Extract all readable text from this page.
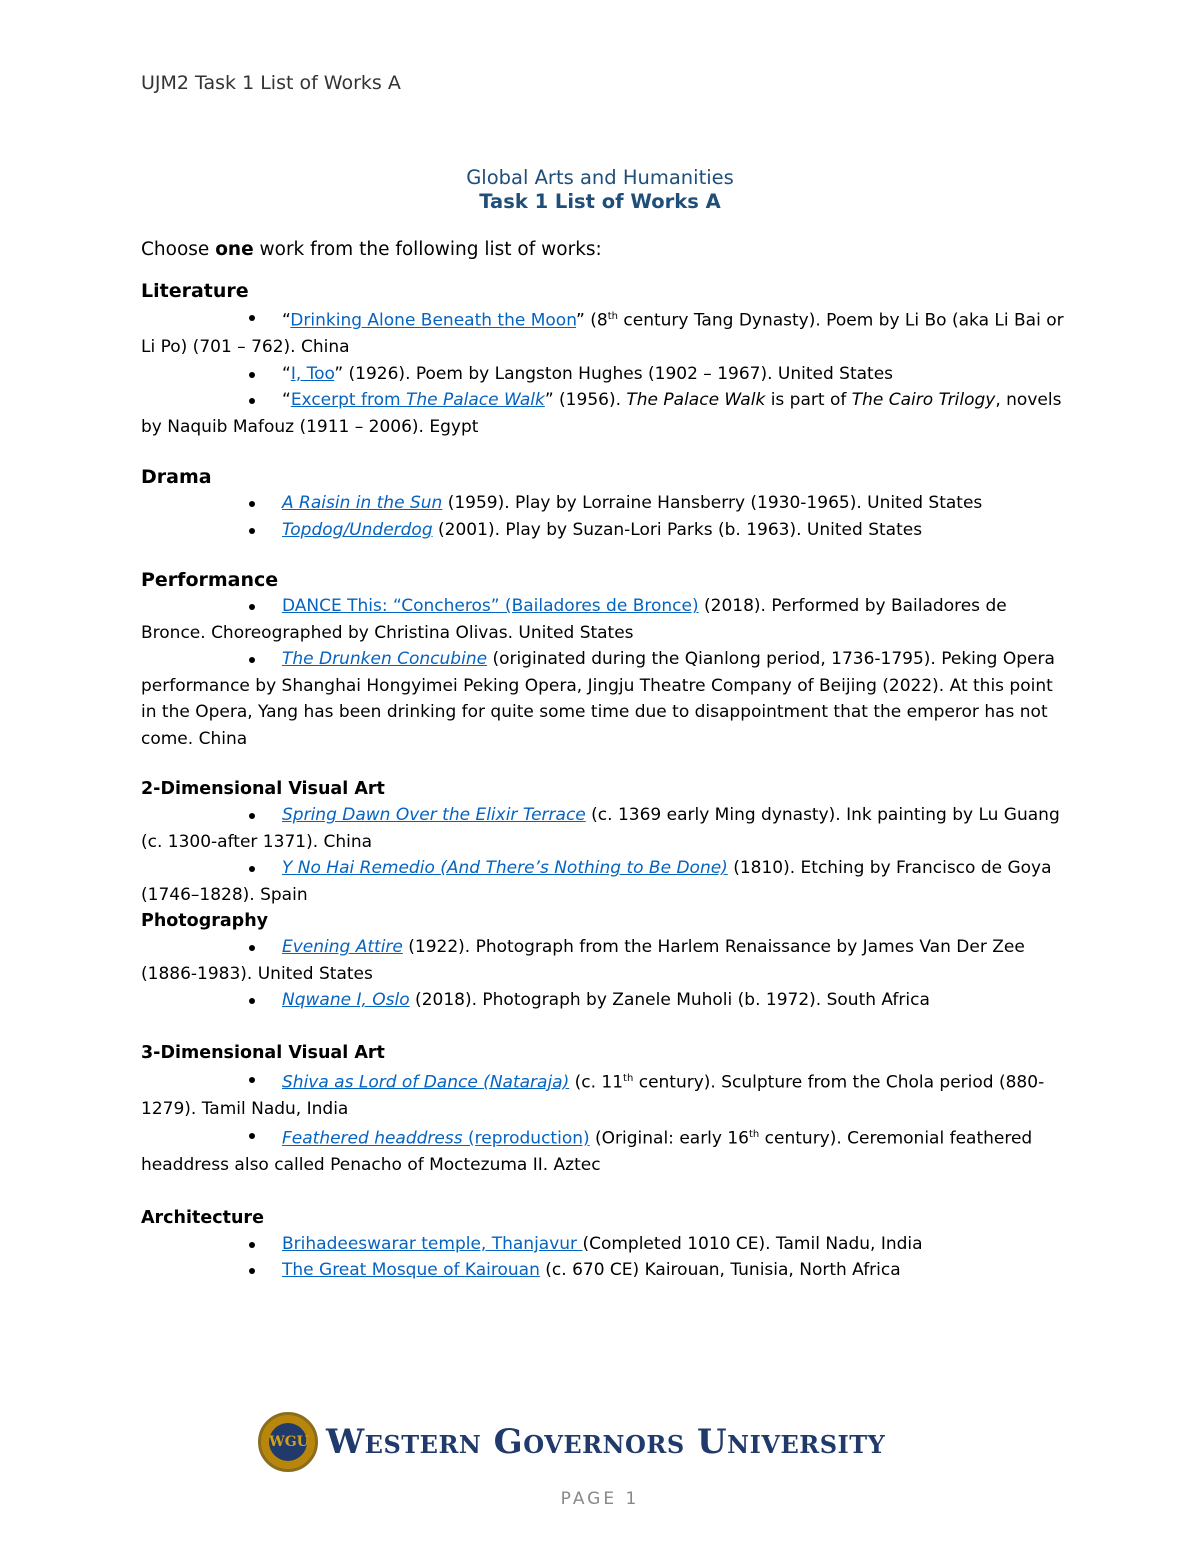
UJM2 Task 1 List of Works A
Global Arts and Humanities
Task 1 List of Works A
Choose one work from the following list of works:
Literature
“Drinking Alone Beneath the Moon” (8th century Tang Dynasty). Poem by Li Bo (aka Li Bai or Li Po) (701 – 762). China
“I, Too” (1926). Poem by Langston Hughes (1902 – 1967). United States
“Excerpt from The Palace Walk” (1956). The Palace Walk is part of The Cairo Trilogy, novels by Naquib Mafouz (1911 – 2006). Egypt
Drama
A Raisin in the Sun (1959). Play by Lorraine Hansberry (1930-1965). United States
Topdog/Underdog (2001). Play by Suzan-Lori Parks (b. 1963). United States
Performance
DANCE This: “Concheros” (Bailadores de Bronce) (2018). Performed by Bailadores de Bronce. Choreographed by Christina Olivas. United States
The Drunken Concubine (originated during the Qianlong period, 1736-1795). Peking Opera performance by Shanghai Hongyimei Peking Opera, Jingju Theatre Company of Beijing (2022). At this point in the Opera, Yang has been drinking for quite some time due to disappointment that the emperor has not come. China
2-Dimensional Visual Art
Spring Dawn Over the Elixir Terrace (c. 1369 early Ming dynasty). Ink painting by Lu Guang (c. 1300-after 1371). China
Y No Hai Remedio (And There’s Nothing to Be Done) (1810). Etching by Francisco de Goya (1746–1828). Spain
Photography
Evening Attire (1922). Photograph from the Harlem Renaissance by James Van Der Zee (1886-1983). United States
Nqwane I, Oslo (2018). Photograph by Zanele Muholi (b. 1972). South Africa
3-Dimensional Visual Art
Shiva as Lord of Dance (Nataraja) (c. 11th century). Sculpture from the Chola period (880-1279). Tamil Nadu, India
Feathered headdress (reproduction) (Original: early 16th century). Ceremonial feathered headdress also called Penacho of Moctezuma II. Aztec
Architecture
Brihadeeswarar temple, Thanjavur (Completed 1010 CE). Tamil Nadu, India
The Great Mosque of Kairouan (c. 670 CE) Kairouan, Tunisia, North Africa
WGU Western Governors University
PAGE 1
